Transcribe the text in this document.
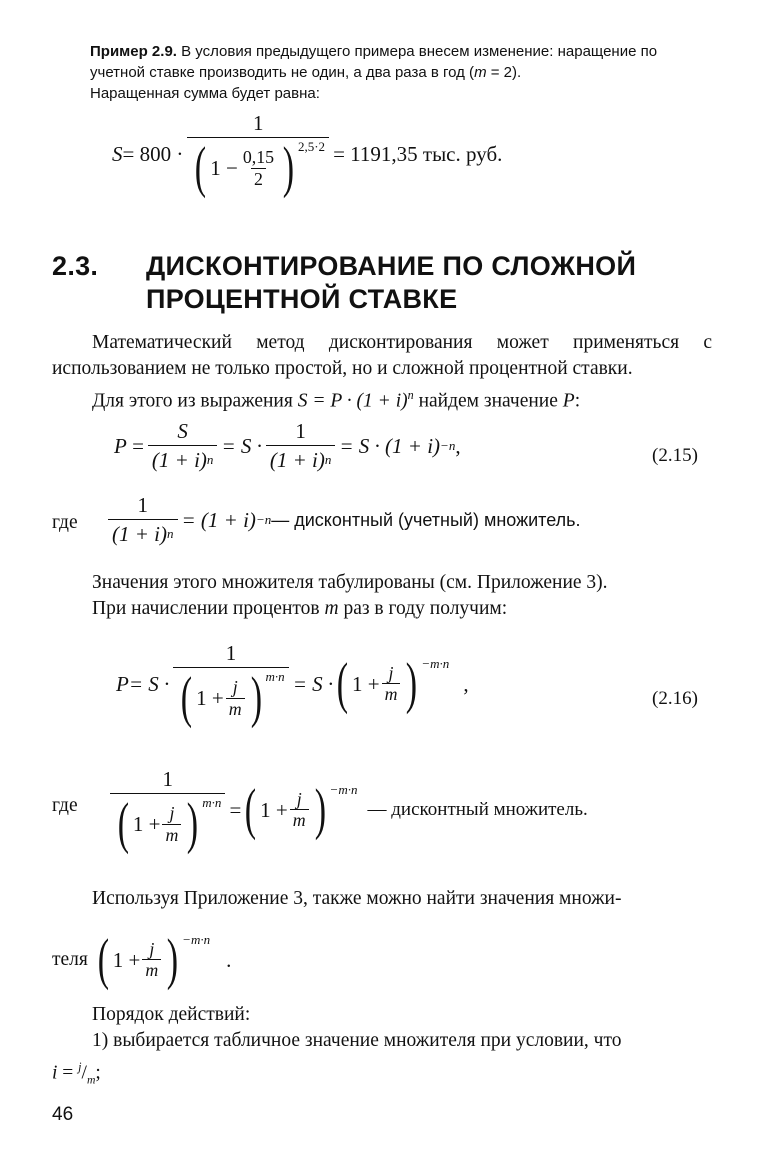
Пример 2.9. В условия предыдущего примера внесем изменение: наращение по учетной ставке производить не один, а два раза в год (m = 2).
Наращенная сумма будет равна:
S = 800 ·
1
( $1 - \frac{0,15}{2}$ ) $^{2,5\cdot 2}$ = 1191,35 тыс. руб.
2.3. ДИСКОНТИРОВАНИЕ ПО СЛОЖНОЙ ПРОЦЕНТНОЙ СТАВКЕ
Математический метод дисконтирования может применяться с использованием не только простой, но и сложной процентной ставки.
Для этого из выражения $S = P \cdot (1 + i)^n$ найдем значение P:
$P = \frac{S}{(1 + i) n} = S \cdot \frac{1}{(1 + i) n} = S \cdot (1 + i) -n$ ,	(2.15)
где $\frac{1}{(1 + i) n} = (1 + i) -n$ — дисконтный (учетный) множитель.
Значения этого множителя табулированы (см. Приложение 3).
При начислении процентов m раз в году получим:
$P = S \cdot \frac{1}{( 1 + \frac{j}{m} ) ^{m\cdot n}} = S$ · ( $1 + \frac{j}{m}$ ) $^{-m\cdot n}$
,
(2.16)
где $\frac{1}{( 1 + \frac{j}{m} ) ^{m\cdot n}}$ = ( $1 + \frac{j}{m}$ ) $^{-m\cdot n}$
— дисконтный множитель.
Используя Приложение 3, также можно найти значения множи-
теля ( $1 + \frac{j}{m}$ ) $^{-m\cdot n}$
.
Порядок действий:
1) выбирается табличное значение множителя при условии, что
$i = ^j/_m$;
46
